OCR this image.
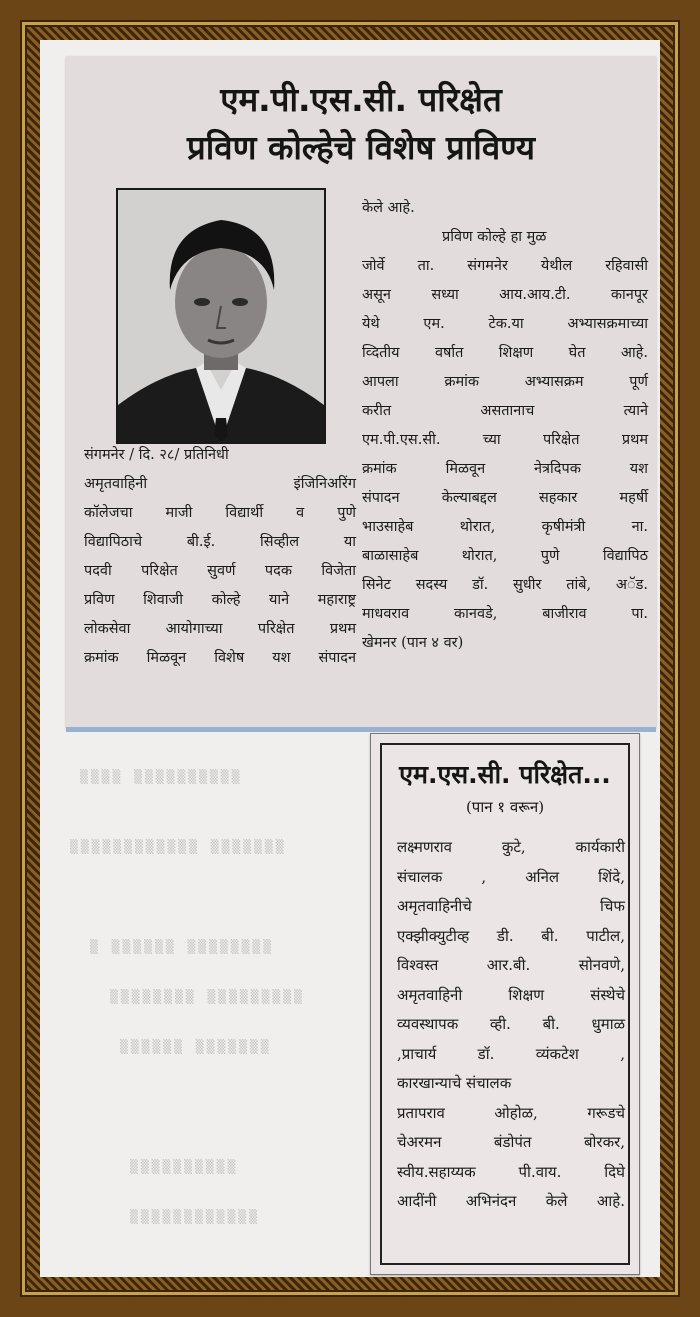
▒▒▒▒ ▒▒▒▒▒▒▒▒▒▒
▒▒▒▒▒▒▒▒▒▒▒▒ ▒▒▒▒▒▒▒
▒ ▒▒▒▒▒▒ ▒▒▒▒▒▒▒▒
▒▒▒▒▒▒▒▒ ▒▒▒▒▒▒▒▒▒
▒▒▒▒▒▒ ▒▒▒▒▒▒▒
▒▒▒▒▒▒▒▒▒▒
▒▒▒▒▒▒▒▒▒▒▒▒
एम.पी.एस.सी. परिक्षेत
प्रविण कोल्हेचे विशेष प्राविण्य

संगमनेर / दि. २८/ प्रतिनिधी

अमृतवाहिनी इंजिनिअरिंग

कॉलेजचा माजी विद्यार्थी व पुणे

विद्यापिठाचे बी.ई. सिव्हील या

पदवी परिक्षेत सुवर्ण पदक विजेता

प्रविण शिवाजी कोल्हे याने महाराष्ट्र

लोकसेवा आयोगाच्या परिक्षेत प्रथम

क्रमांक मिळवून विशेष यश संपादन

केले आहे.

प्रविण कोल्हे हा मुळ

जोर्वे ता. संगमनेर येथील रहिवासी

असून सध्या आय.आय.टी. कानपूर

येथे एम. टेक.या अभ्यासक्रमाच्या

व्दितीय वर्षात शिक्षण घेत आहे.

आपला क्रमांक अभ्यासक्रम पूर्ण

करीत असतानाच त्याने

एम.पी.एस.सी. च्या परिक्षेत प्रथम

क्रमांक मिळवून नेत्रदिपक यश

संपादन केल्याबद्दल सहकार महर्षी

भाउसाहेब थोरात, कृषीमंत्री ना.

बाळासाहेब थोरात, पुणे विद्यापिठ

सिनेट सदस्य डॉ. सुधीर तांबे, अॅड.

माधवराव कानवडे, बाजीराव पा.

खेमनर (पान ४ वर)

एम.एस.सी. परिक्षेत...
(पान १ वरून)

लक्ष्मणराव कुटे, कार्यकारी

संचालक , अनिल शिंदे,

अमृतवाहिनीचे चिफ

एक्झीक्युटीव्ह डी. बी. पाटील,

विश्वस्त आर.बी. सोनवणे,

अमृतवाहिनी शिक्षण संस्थेचे

व्यवस्थापक व्ही. बी. धुमाळ

,प्राचार्य डॉ. व्यंकटेश ,

कारखान्याचे संचालक

प्रतापराव ओहोळ, गरूडचे

चेअरमन बंडोपंत बोरकर,

स्वीय.सहाय्यक पी.वाय. दिघे

आदींनी अभिनंदन केले आहे.
